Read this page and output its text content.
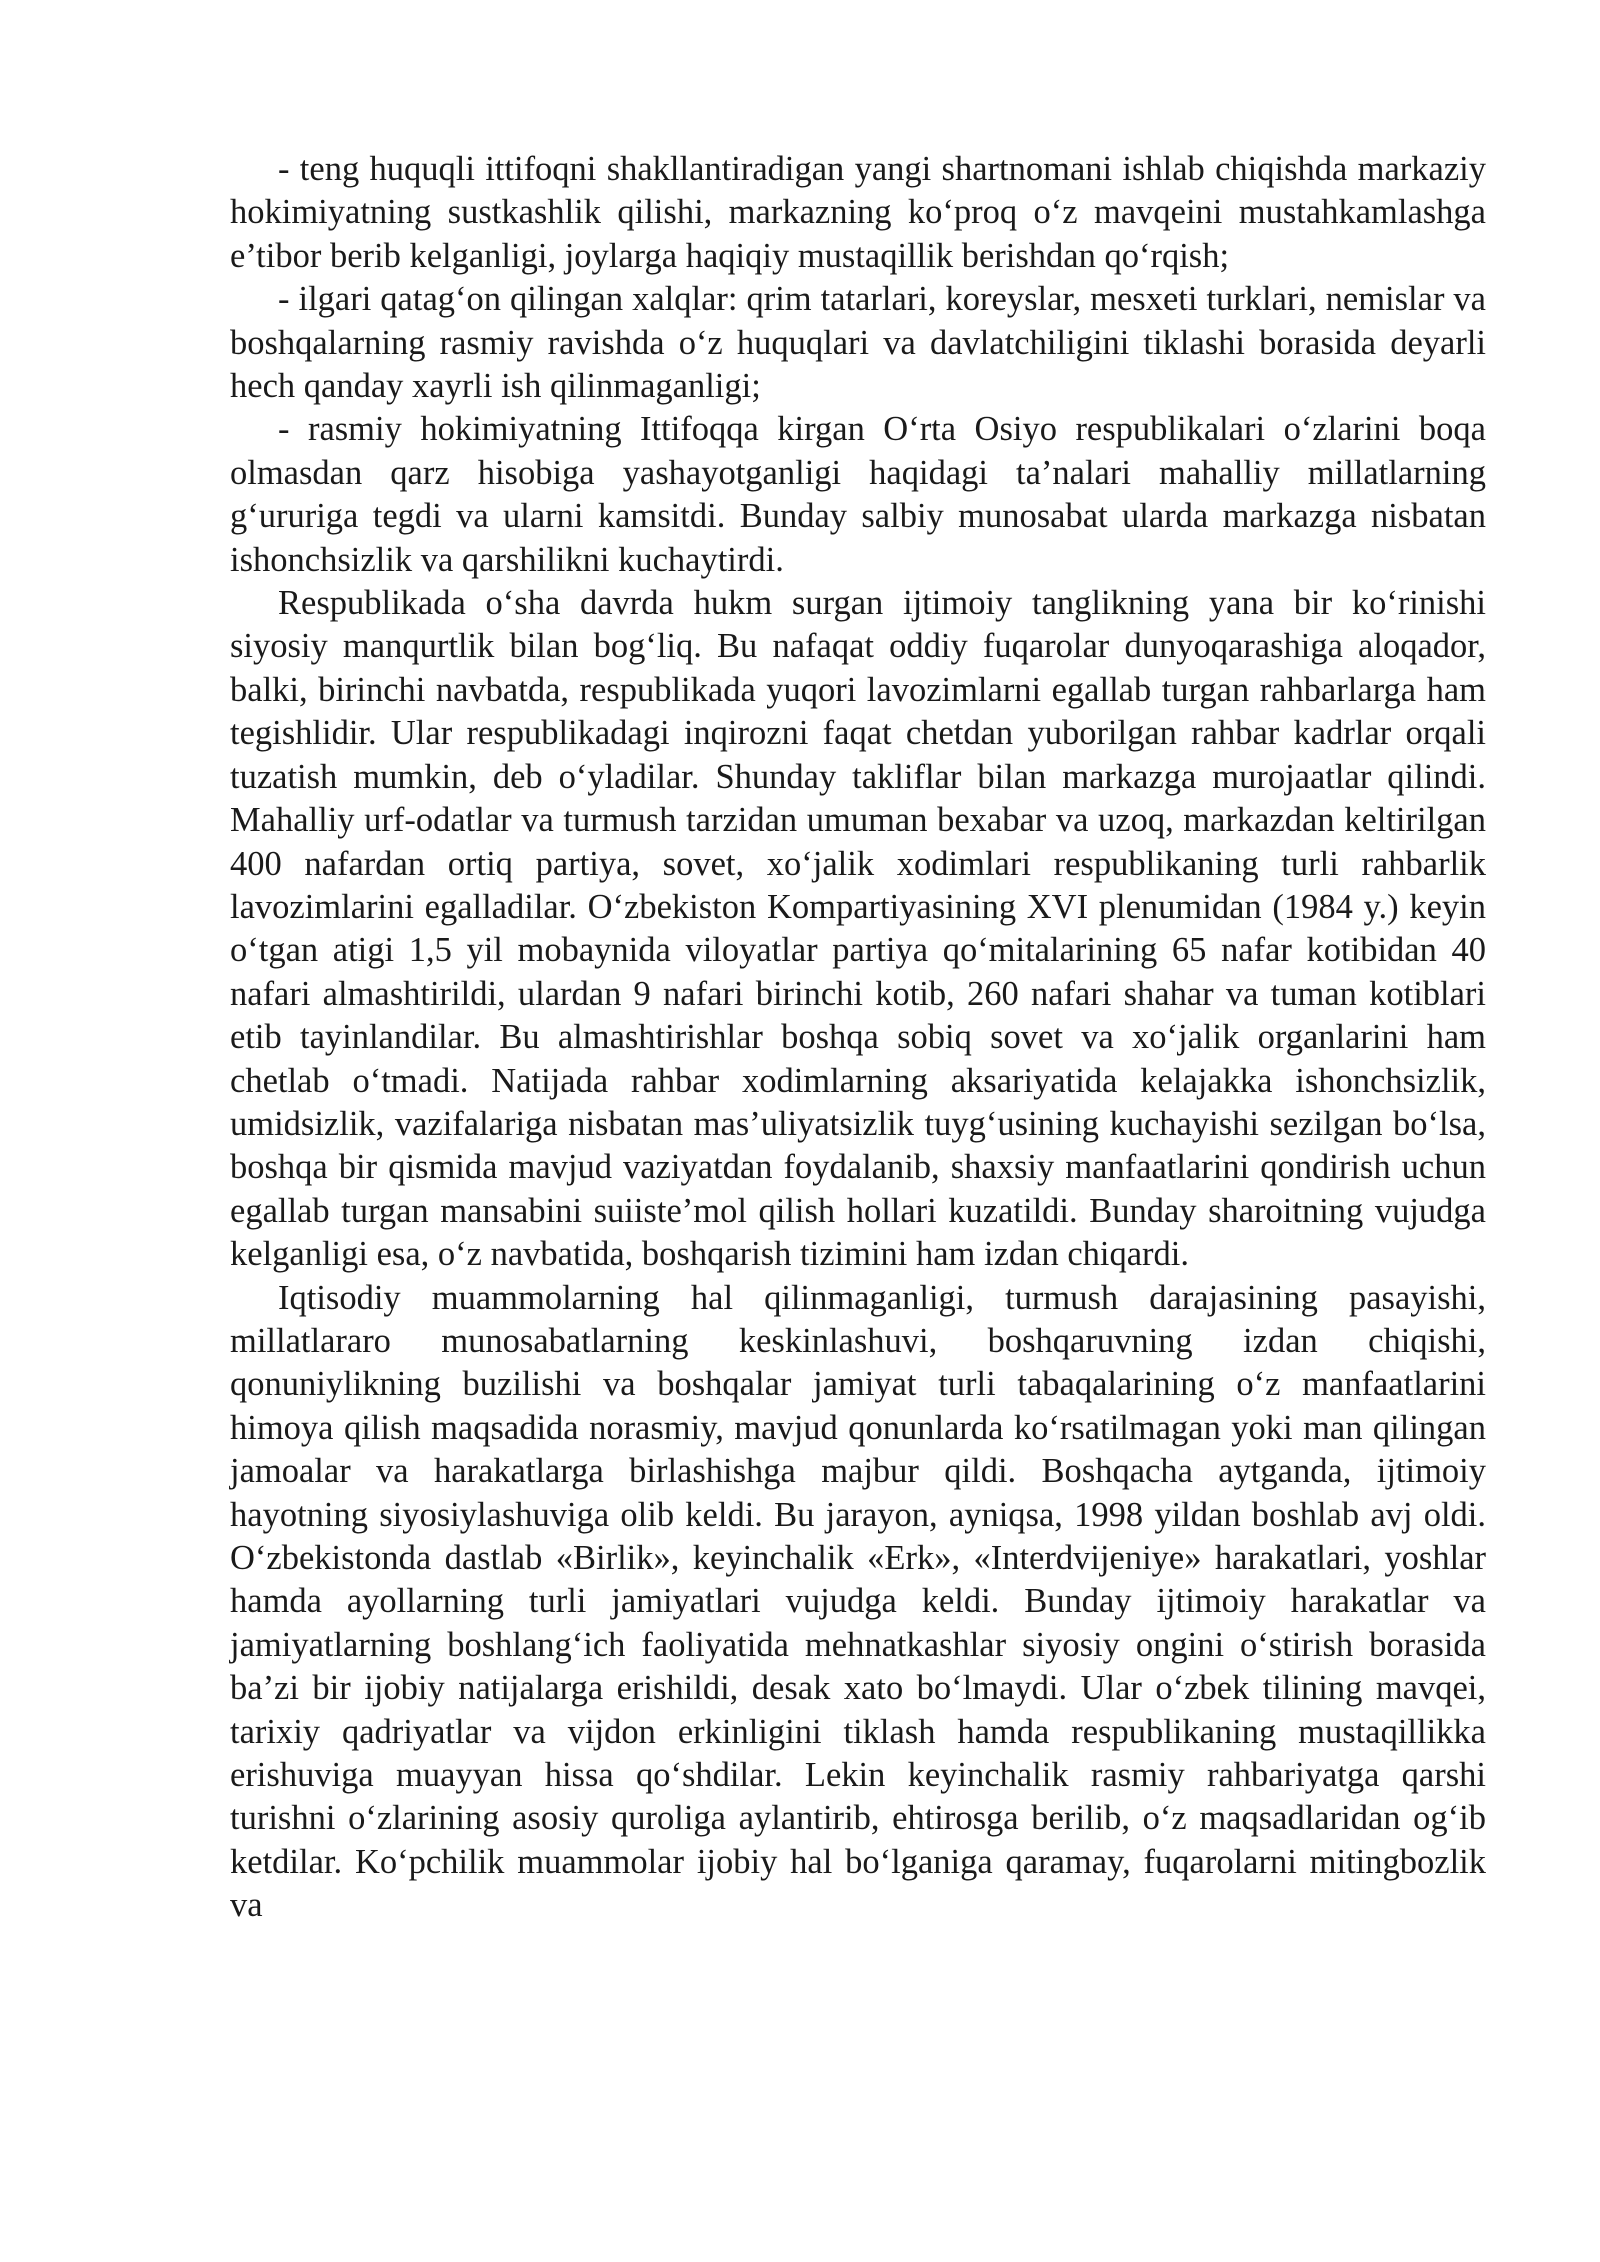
- teng huquqli ittifoqni shakllantiradigan yangi shartnomani ishlab chiqishda markaziy hokimiyatning sustkashlik qilishi, markazning ko‘proq o‘z mavqeini mustahkamlashga e’tibor berib kelganligi, joylarga haqiqiy mustaqillik berishdan qo‘rqish;

- ilgari qatag‘on qilingan xalqlar: qrim tatarlari, koreyslar, mesxeti turklari, nemislar va boshqalarning rasmiy ravishda o‘z huquqlari va davlatchiligini tiklashi borasida deyarli hech qanday xayrli ish qilinmaganligi;

- rasmiy hokimiyatning Ittifoqqa kirgan O‘rta Osiyo respublikalari o‘zlarini boqa olmasdan qarz hisobiga yashayotganligi haqidagi ta’nalari mahalliy millatlarning g‘ururiga tegdi va ularni kamsitdi. Bunday salbiy munosabat ularda markazga nisbatan ishonchsizlik va qarshilikni kuchaytirdi.

Respublikada o‘sha davrda hukm surgan ijtimoiy tanglikning yana bir ko‘rinishi siyosiy manqurtlik bilan bog‘liq. Bu nafaqat oddiy fuqarolar dunyoqarashiga aloqador, balki, birinchi navbatda, respublikada yuqori lavozimlarni egallab turgan rahbarlarga ham tegishlidir. Ular respublikadagi inqirozni faqat chetdan yuborilgan rahbar kadrlar orqali tuzatish mumkin, deb o‘yladilar. Shunday takliflar bilan markazga murojaatlar qilindi. Mahalliy urf-odatlar va turmush tarzidan umuman bexabar va uzoq, markazdan keltirilgan 400 nafardan ortiq partiya, sovet, xo‘jalik xodimlari respublikaning turli rahbarlik lavozimlarini egalladilar. O‘zbekiston Kompartiyasining XVI plenumidan (1984 y.) keyin o‘tgan atigi 1,5 yil mobaynida viloyatlar partiya qo‘mitalarining 65 nafar kotibidan 40 nafari almashtirildi, ulardan 9 nafari birinchi kotib, 260 nafari shahar va tuman kotiblari etib tayinlandilar. Bu almashtirishlar boshqa sobiq sovet va xo‘jalik organlarini ham chetlab o‘tmadi. Natijada rahbar xodimlarning aksariyatida kelajakka ishonchsizlik, umidsizlik, vazifalariga nisbatan mas’uliyatsizlik tuyg‘usining kuchayishi sezilgan bo‘lsa, boshqa bir qismida mavjud vaziyatdan foydalanib, shaxsiy manfaatlarini qondirish uchun egallab turgan mansabini suiiste’mol qilish hollari kuzatildi. Bunday sharoitning vujudga kelganligi esa, o‘z navbatida, boshqarish tizimini ham izdan chiqardi.

Iqtisodiy muammolarning hal qilinmaganligi, turmush darajasining pasayishi, millatlararo munosabatlarning keskinlashuvi, boshqaruvning izdan chiqishi, qonuniylikning buzilishi va boshqalar jamiyat turli tabaqalarining o‘z manfaatlarini himoya qilish maqsadida norasmiy, mavjud qonunlarda ko‘rsatilmagan yoki man qilingan jamoalar va harakatlarga birlashishga majbur qildi. Boshqacha aytganda, ijtimoiy hayotning siyosiylashuviga olib keldi. Bu jarayon, ayniqsa, 1998 yildan boshlab avj oldi. O‘zbekistonda dastlab «Birlik», keyinchalik «Erk», «Interdvijeniye» harakatlari, yoshlar hamda ayollarning turli jamiyatlari vujudga keldi. Bunday ijtimoiy harakatlar va jamiyatlarning boshlang‘ich faoliyatida mehnatkashlar siyosiy ongini o‘stirish borasida ba’zi bir ijobiy natijalarga erishildi, desak xato bo‘lmaydi. Ular o‘zbek tilining mavqei, tarixiy qadriyatlar va vijdon erkinligini tiklash hamda respublikaning mustaqillikka erishuviga muayyan hissa qo‘shdilar. Lekin keyinchalik rasmiy rahbariyatga qarshi turishni o‘zlarining asosiy quroliga aylantirib, ehtirosga berilib, o‘z maqsadlaridan og‘ib ketdilar. Ko‘pchilik muammolar ijobiy hal bo‘lganiga qaramay, fuqarolarni mitingbozlik va
